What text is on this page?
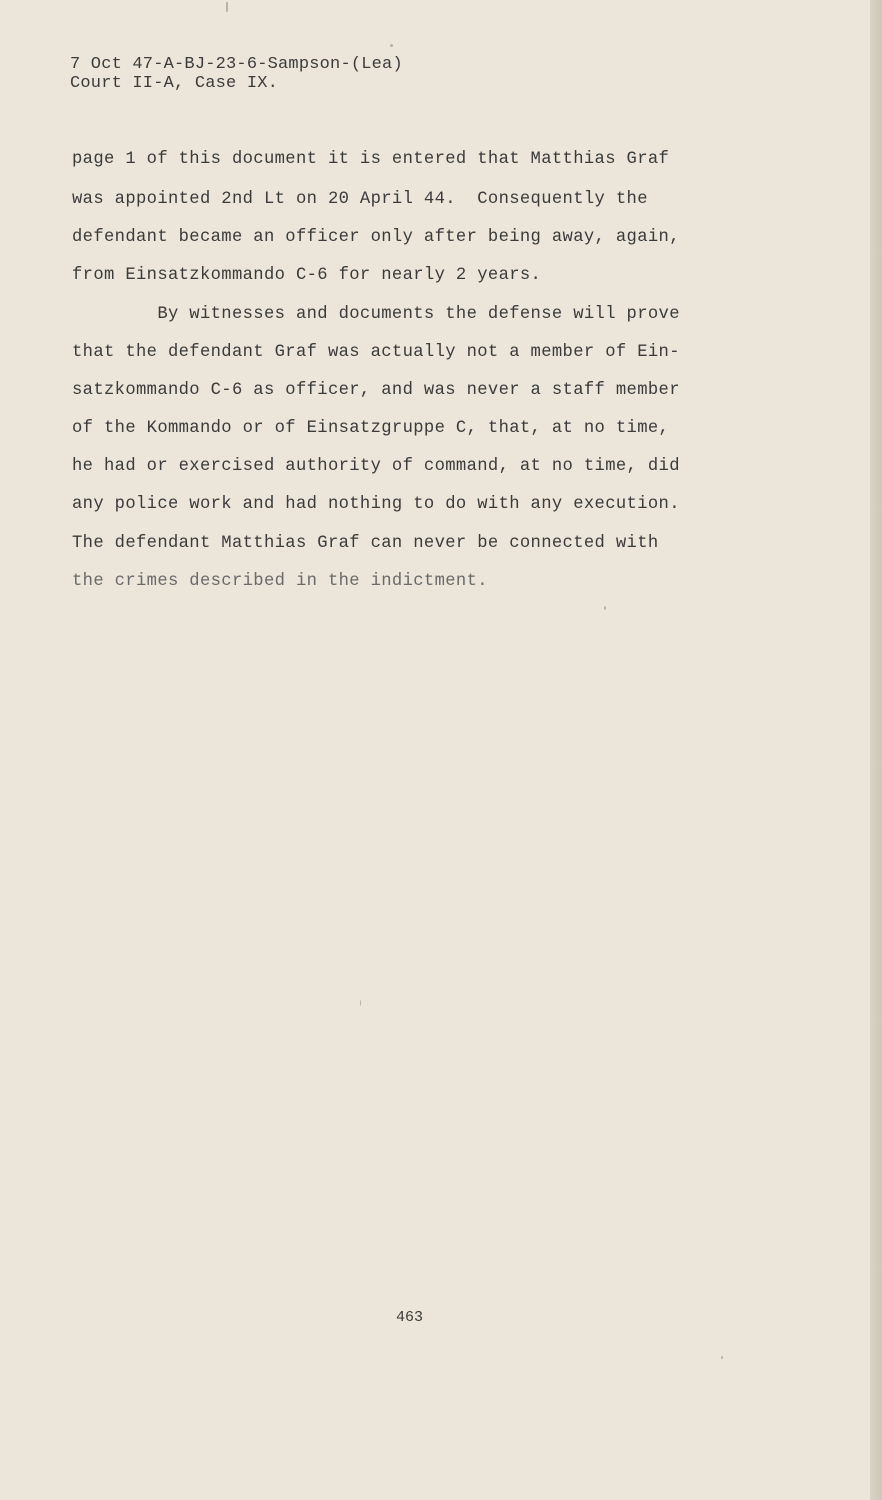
7 Oct 47-A-BJ-23-6-Sampson-(Lea)
Court II-A, Case IX.
page 1 of this document it is entered that Matthias Graf
was appointed 2nd Lt on 20 April 44.  Consequently the
defendant became an officer only after being away, again,
from Einsatzkommando C-6 for nearly 2 years.
By witnesses and documents the defense will prove
that the defendant Graf was actually not a member of Ein-
satzkommando C-6 as officer, and was never a staff member
of the Kommando or of Einsatzgruppe C, that, at no time,
he had or exercised authority of command, at no time, did
any police work and had nothing to do with any execution.
The defendant Matthias Graf can never be connected with
the crimes described in the indictment.
463
